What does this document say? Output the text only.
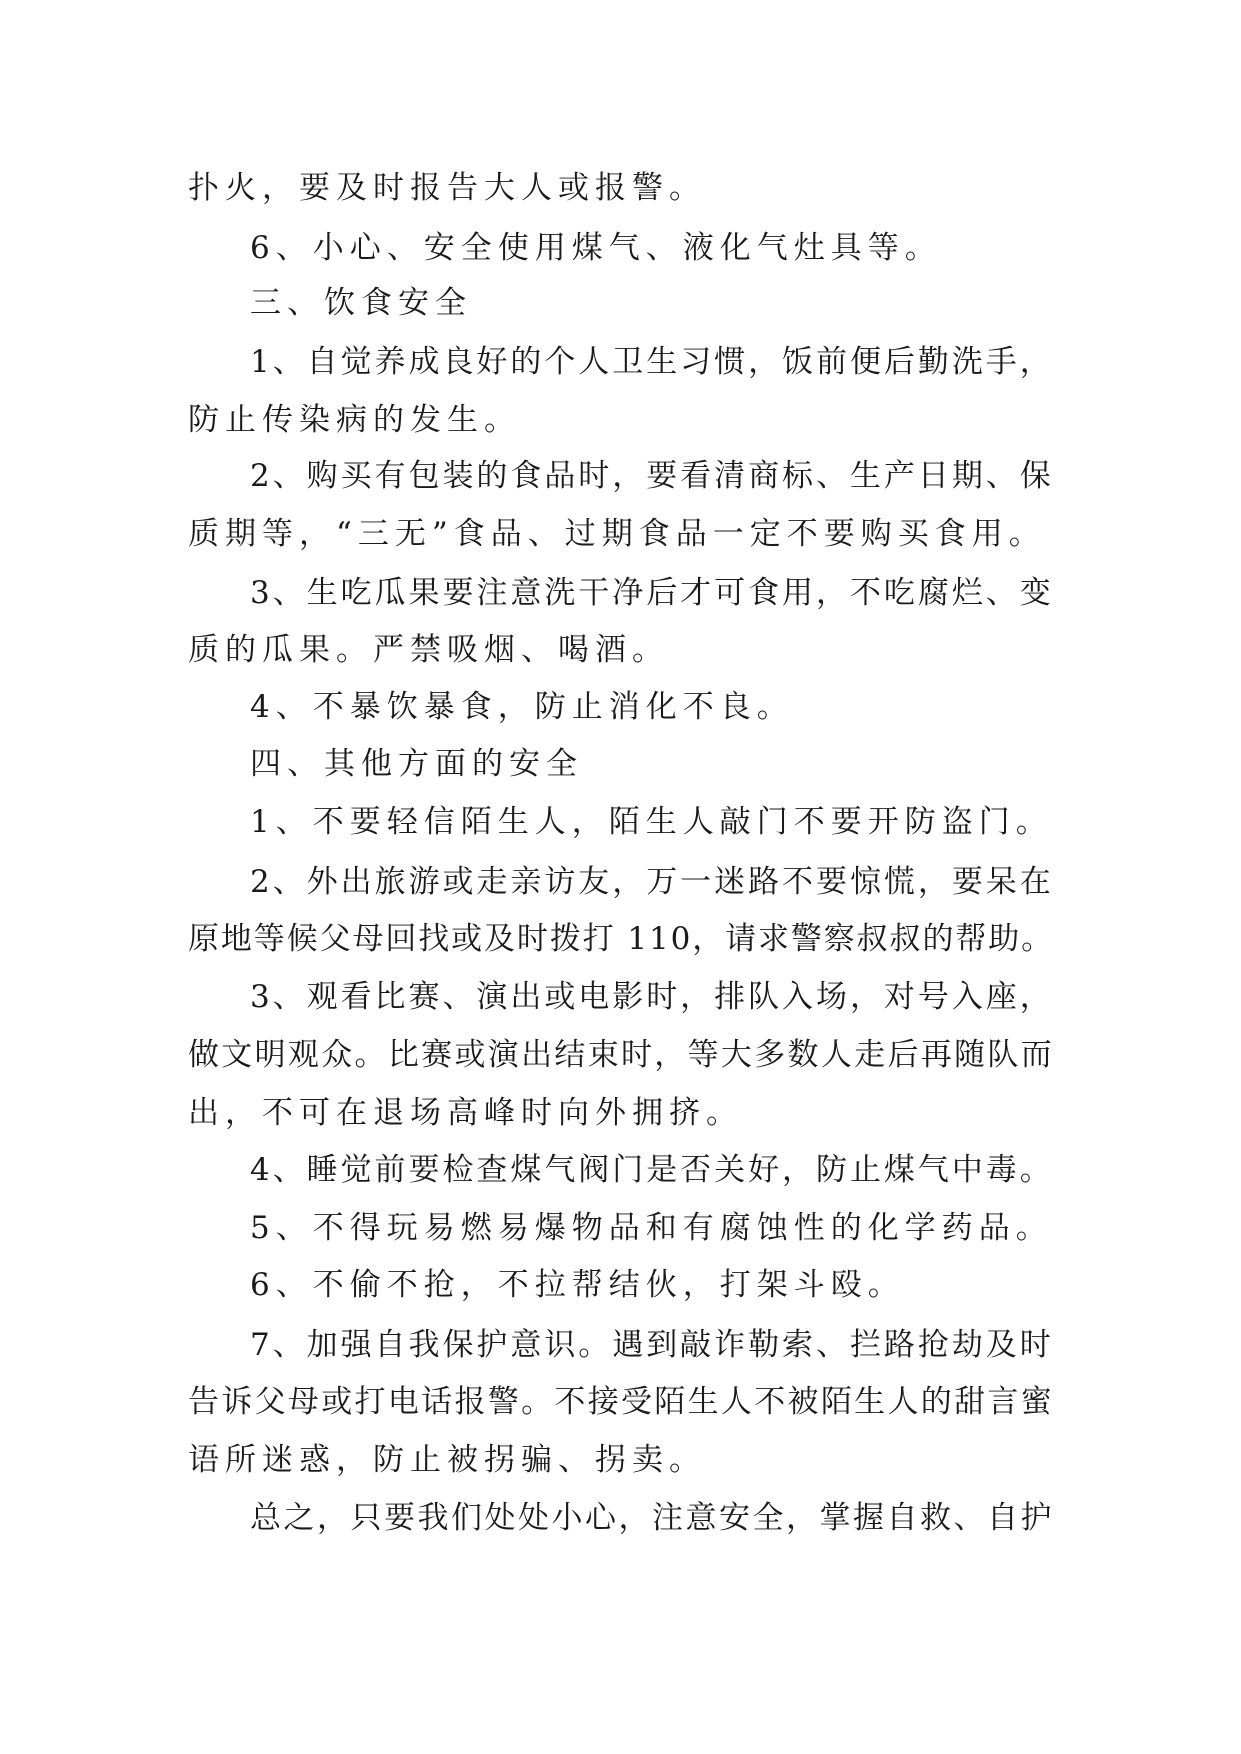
扑火，要及时报告大人或报警。
6、小心、安全使用煤气、液化气灶具等。
三、饮食安全
1、自觉养成良好的个人卫生习惯，饭前便后勤洗手，
防止传染病的发生。
2、购买有包装的食品时，要看清商标、生产日期、保
质期等，“三无”食品、过期食品一定不要购买食用。
3、生吃瓜果要注意洗干净后才可食用，不吃腐烂、变
质的瓜果。严禁吸烟、喝酒。
4、不暴饮暴食，防止消化不良。
四、其他方面的安全
1、不要轻信陌生人，陌生人敲门不要开防盗门。
2、外出旅游或走亲访友，万一迷路不要惊慌，要呆在
原地等候父母回找或及时拨打 110，请求警察叔叔的帮助。
3、观看比赛、演出或电影时，排队入场，对号入座，
做文明观众。比赛或演出结束时，等大多数人走后再随队而
出，不可在退场高峰时向外拥挤。
4、睡觉前要检查煤气阀门是否关好，防止煤气中毒。
5、不得玩易燃易爆物品和有腐蚀性的化学药品。
6、不偷不抢，不拉帮结伙，打架斗殴。
7、加强自我保护意识。遇到敲诈勒索、拦路抢劫及时
告诉父母或打电话报警。不接受陌生人不被陌生人的甜言蜜
语所迷惑，防止被拐骗、拐卖。
总之，只要我们处处小心，注意安全，掌握自救、自护
